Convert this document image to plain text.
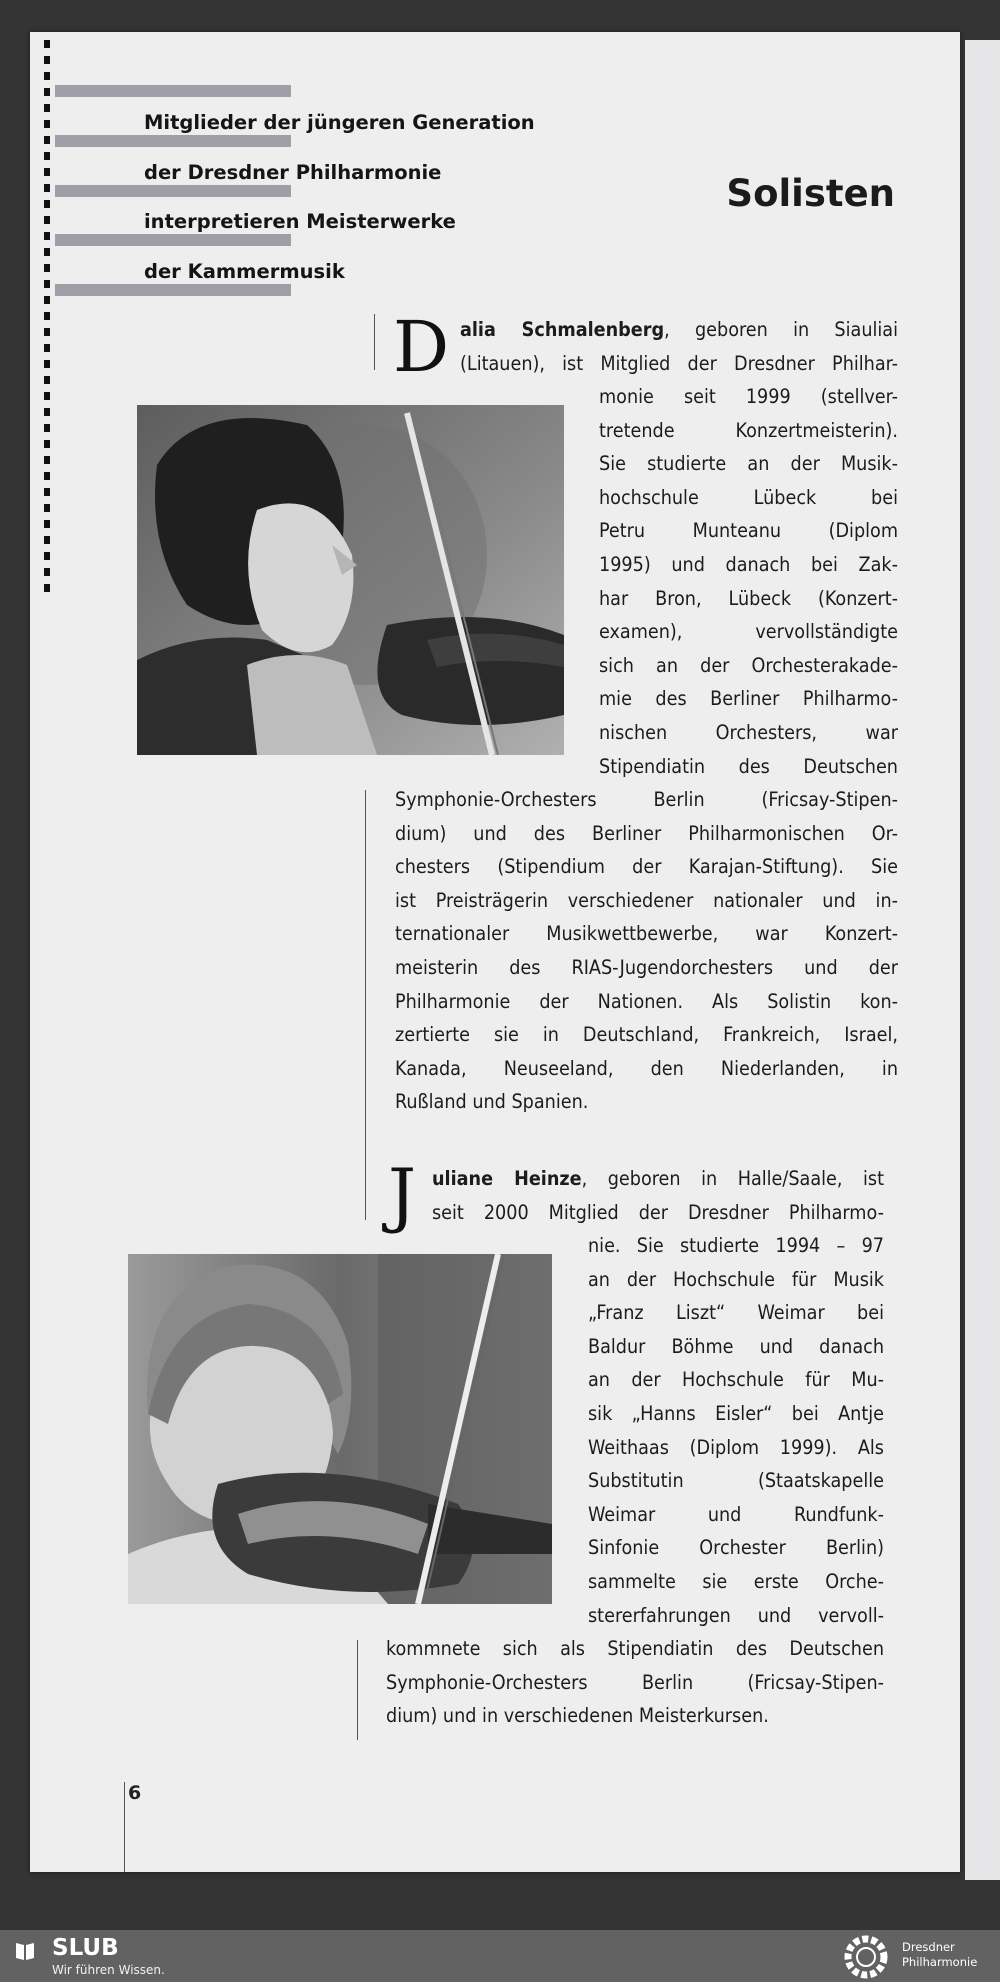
Mitglieder der jüngeren Generation
der Dresdner Philharmonie
interpretieren Meisterwerke
der Kammermusik
Solisten
D alia Schmalenberg, geboren in Siauliai
(Litauen), ist Mitglied der Dresdner Philhar-
monie seit 1999 (stellver-
tretende Konzertmeisterin).
Sie studierte an der Musik-
hochschule Lübeck bei
Petru Munteanu (Diplom
1995) und danach bei Zak-
har Bron, Lübeck (Konzert-
examen), vervollständigte
sich an der Orchesterakade-
mie des Berliner Philharmo-
nischen Orchesters, war
Stipendiatin des Deutschen
Symphonie-Orchesters Berlin (Fricsay-Stipen-
dium) und des Berliner Philharmonischen Or-
chesters (Stipendium der Karajan-Stiftung). Sie
ist Preisträgerin verschiedener nationaler und in-
ternationaler Musikwettbewerbe, war Konzert-
meisterin des RIAS-Jugendorchesters und der
Philharmonie der Nationen. Als Solistin kon-
zertierte sie in Deutschland, Frankreich, Israel,
Kanada, Neuseeland, den Niederlanden, in
Rußland und Spanien.
J uliane Heinze, geboren in Halle/Saale, ist
seit 2000 Mitglied der Dresdner Philharmo-
nie. Sie studierte 1994 – 97
an der Hochschule für Musik
„Franz Liszt“ Weimar bei
Baldur Böhme und danach
an der Hochschule für Mu-
sik „Hanns Eisler“ bei Antje
Weithaas (Diplom 1999). Als
Substitutin (Staatskapelle
Weimar und Rundfunk-
Sinfonie Orchester Berlin)
sammelte sie erste Orche-
stererfahrungen und vervoll-
kommnete sich als Stipendiatin des Deutschen
Symphonie-Orchesters Berlin (Fricsay-Stipen-
dium) und in verschiedenen Meisterkursen.
6
SLUB
Wir führen Wissen.
Dresdner
Philharmonie
